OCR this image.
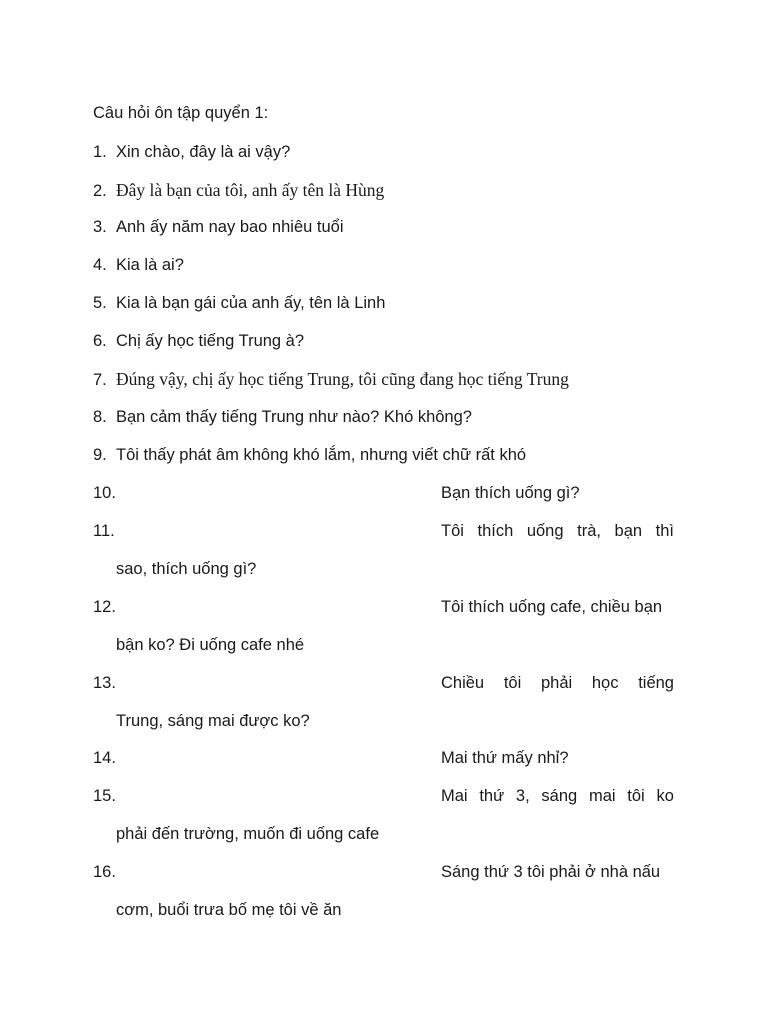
Câu hỏi ôn tập quyển 1:
1. Xin chào, đây là ai vậy?
2. Đây là bạn của tôi, anh ấy tên là Hùng
3. Anh ấy năm nay bao nhiêu tuổi
4. Kia là ai?
5. Kia là bạn gái của anh ấy, tên là Linh
6. Chị ấy học tiếng Trung à?
7. Đúng vậy, chị ấy học tiếng Trung, tôi cũng đang học tiếng Trung
8. Bạn cảm thấy tiếng Trung như nào? Khó không?
9. Tôi thấy phát âm không khó lắm, nhưng viết chữ rất khó
10.	Bạn thích uống gì?
11.	Tôi thích uống trà, bạn thì
sao, thích uống gì?
12.	Tôi thích uống cafe, chiều bạn
bận ko? Đi uống cafe nhé
13.	Chiều tôi phải học tiếng
Trung, sáng mai được ko?
14.	Mai thứ mấy nhỉ?
15.	Mai thứ 3, sáng mai tôi ko
phải đến trường, muốn đi uống cafe
16.	Sáng thứ 3 tôi phải ở nhà nấu
cơm, buổi trưa bố mẹ tôi về ăn
